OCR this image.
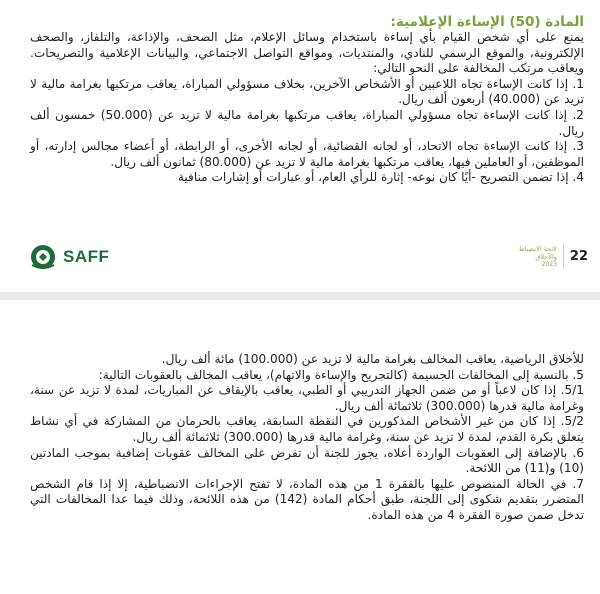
المادة (50) الإساءة الإعلامية:

يمنع على أي شخص القيام بأي إساءة باستخدام وسائل الإعلام، مثل الصحف، والإذاعة، والتلفاز، والصحف الإلكترونية، والموقع الرسمي للنادي، والمنتديات، ومواقع التواصل الاجتماعي، والبيانات الإعلامية والتصريحات. ويعاقب مرتكب المخالفة على النحو التالي:

1. إذا كانت الإساءة تجاه اللاعبين أو الأشخاص الآخرين، بخلاف مسؤولي المباراة، يعاقب مرتكبها بغرامة مالية لا تزيد عن (40.000) أربعون ألف ريال.

2. إذا كانت الإساءة تجاه مسؤولي المباراة، يعاقب مرتكبها بغرامة مالية لا تزيد عن (50.000) خمسون ألف ريال.

3. إذا كانت الإساءة تجاه الاتحاد، أو لجانه القضائية، أو لجانه الأخرى، أو الرابطة، أو أعضاء مجالس إدارته، أو الموظفين، أو العاملين فيها، يعاقب مرتكبها بغرامة مالية لا تزيد عن (80.000) ثمانون ألف ريال.

4. إذا تضمن التصريح -أيًا كان نوعه- إثارة للرأي العام، أو عبارات أو إشارات منافية

SAFF	لائحة الانضباط
والأخلاق
2023
22

للأخلاق الرياضية، يعاقب المخالف بغرامة مالية لا تزيد عن (100.000) مائة ألف ريال.

5. بالنسبة إلى المخالفات الجسيمة (كالتجريح والإساءة والاتهام)، يعاقب المخالف بالعقوبات التالية:

5/1. إذا كان لاعباً أو من ضمن الجهاز التدريبي أو الطبي، يعاقب بالإيقاف عن المباريات، لمدة لا تزيد عن سنة، وغرامة مالية قدرها (300.000) ثلاثمائة ألف ريال.

5/2. إذا كان من غير الأشخاص المذكورين في النقطة السابقة، يعاقب بالحرمان من المشاركة في أي نشاط يتعلق بكرة القدم، لمدة لا تزيد عن سنة، وغرامة مالية قدرها (300.000) ثلاثمائة ألف ريال.

6. بالإضافة إلى العقوبات الواردة أعلاه، يجوز للجنة أن تفرض على المخالف عقوبات إضافية بموجب المادتين (10) و(11) من اللائحة.

7. في الحالة المنصوص عليها بالفقرة 1 من هذه المادة، لا تفتح الإجراءات الانضباطية، إلا إذا قام الشخص المتضرر بتقديم شكوى إلى اللجنة، طبق أحكام المادة (142) من هذه اللائحة، وذلك فيما عدا المخالفات التي تدخل ضمن صورة الفقرة 4 من هذه المادة.
